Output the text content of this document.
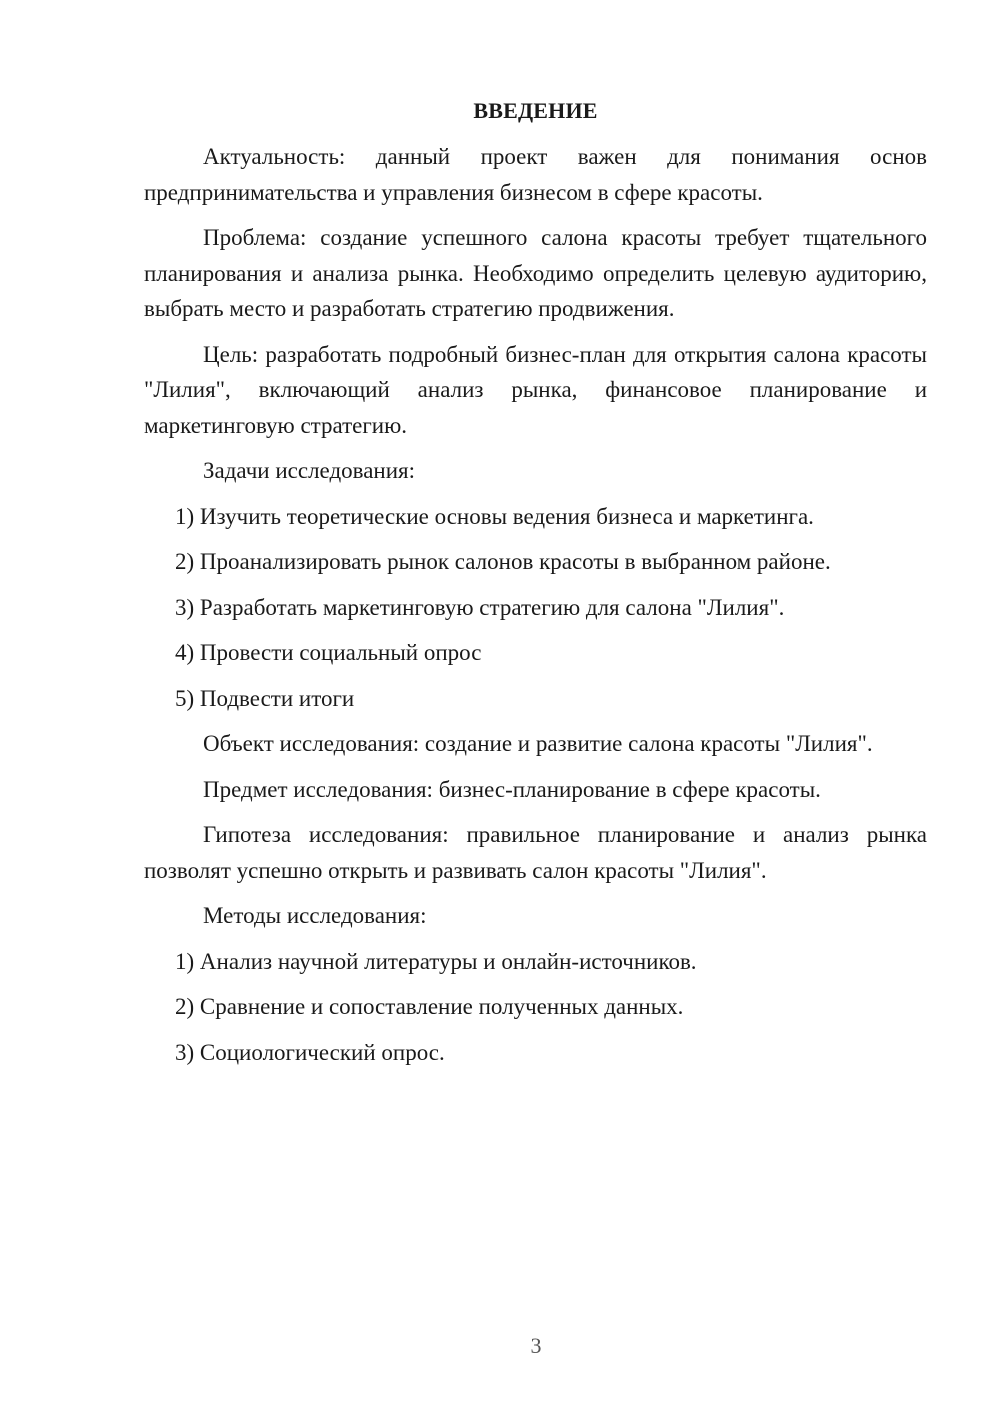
ВВЕДЕНИЕ

Актуальность: данный проект важен для понимания основ предпринимательства и управления бизнесом в сфере красоты.

Проблема: создание успешного салона красоты требует тщательного планирования и анализа рынка. Необходимо определить целевую аудиторию, выбрать место и разработать стратегию продвижения.

Цель: разработать подробный бизнес-план для открытия салона красоты "Лилия", включающий анализ рынка, финансовое планирование и маркетинговую стратегию.

Задачи исследования:

1) Изучить теоретические основы ведения бизнеса и маркетинга.

2) Проанализировать рынок салонов красоты в выбранном районе.

3) Разработать маркетинговую стратегию для салона "Лилия".

4) Провести социальный опрос

5) Подвести итоги

Объект исследования: создание и развитие салона красоты "Лилия".

Предмет исследования: бизнес-планирование в сфере красоты.

Гипотеза исследования: правильное планирование и анализ рынка позволят успешно открыть и развивать салон красоты "Лилия".

Методы исследования:

1) Анализ научной литературы и онлайн-источников.

2) Сравнение и сопоставление полученных данных.

3) Социологический опрос.

3
